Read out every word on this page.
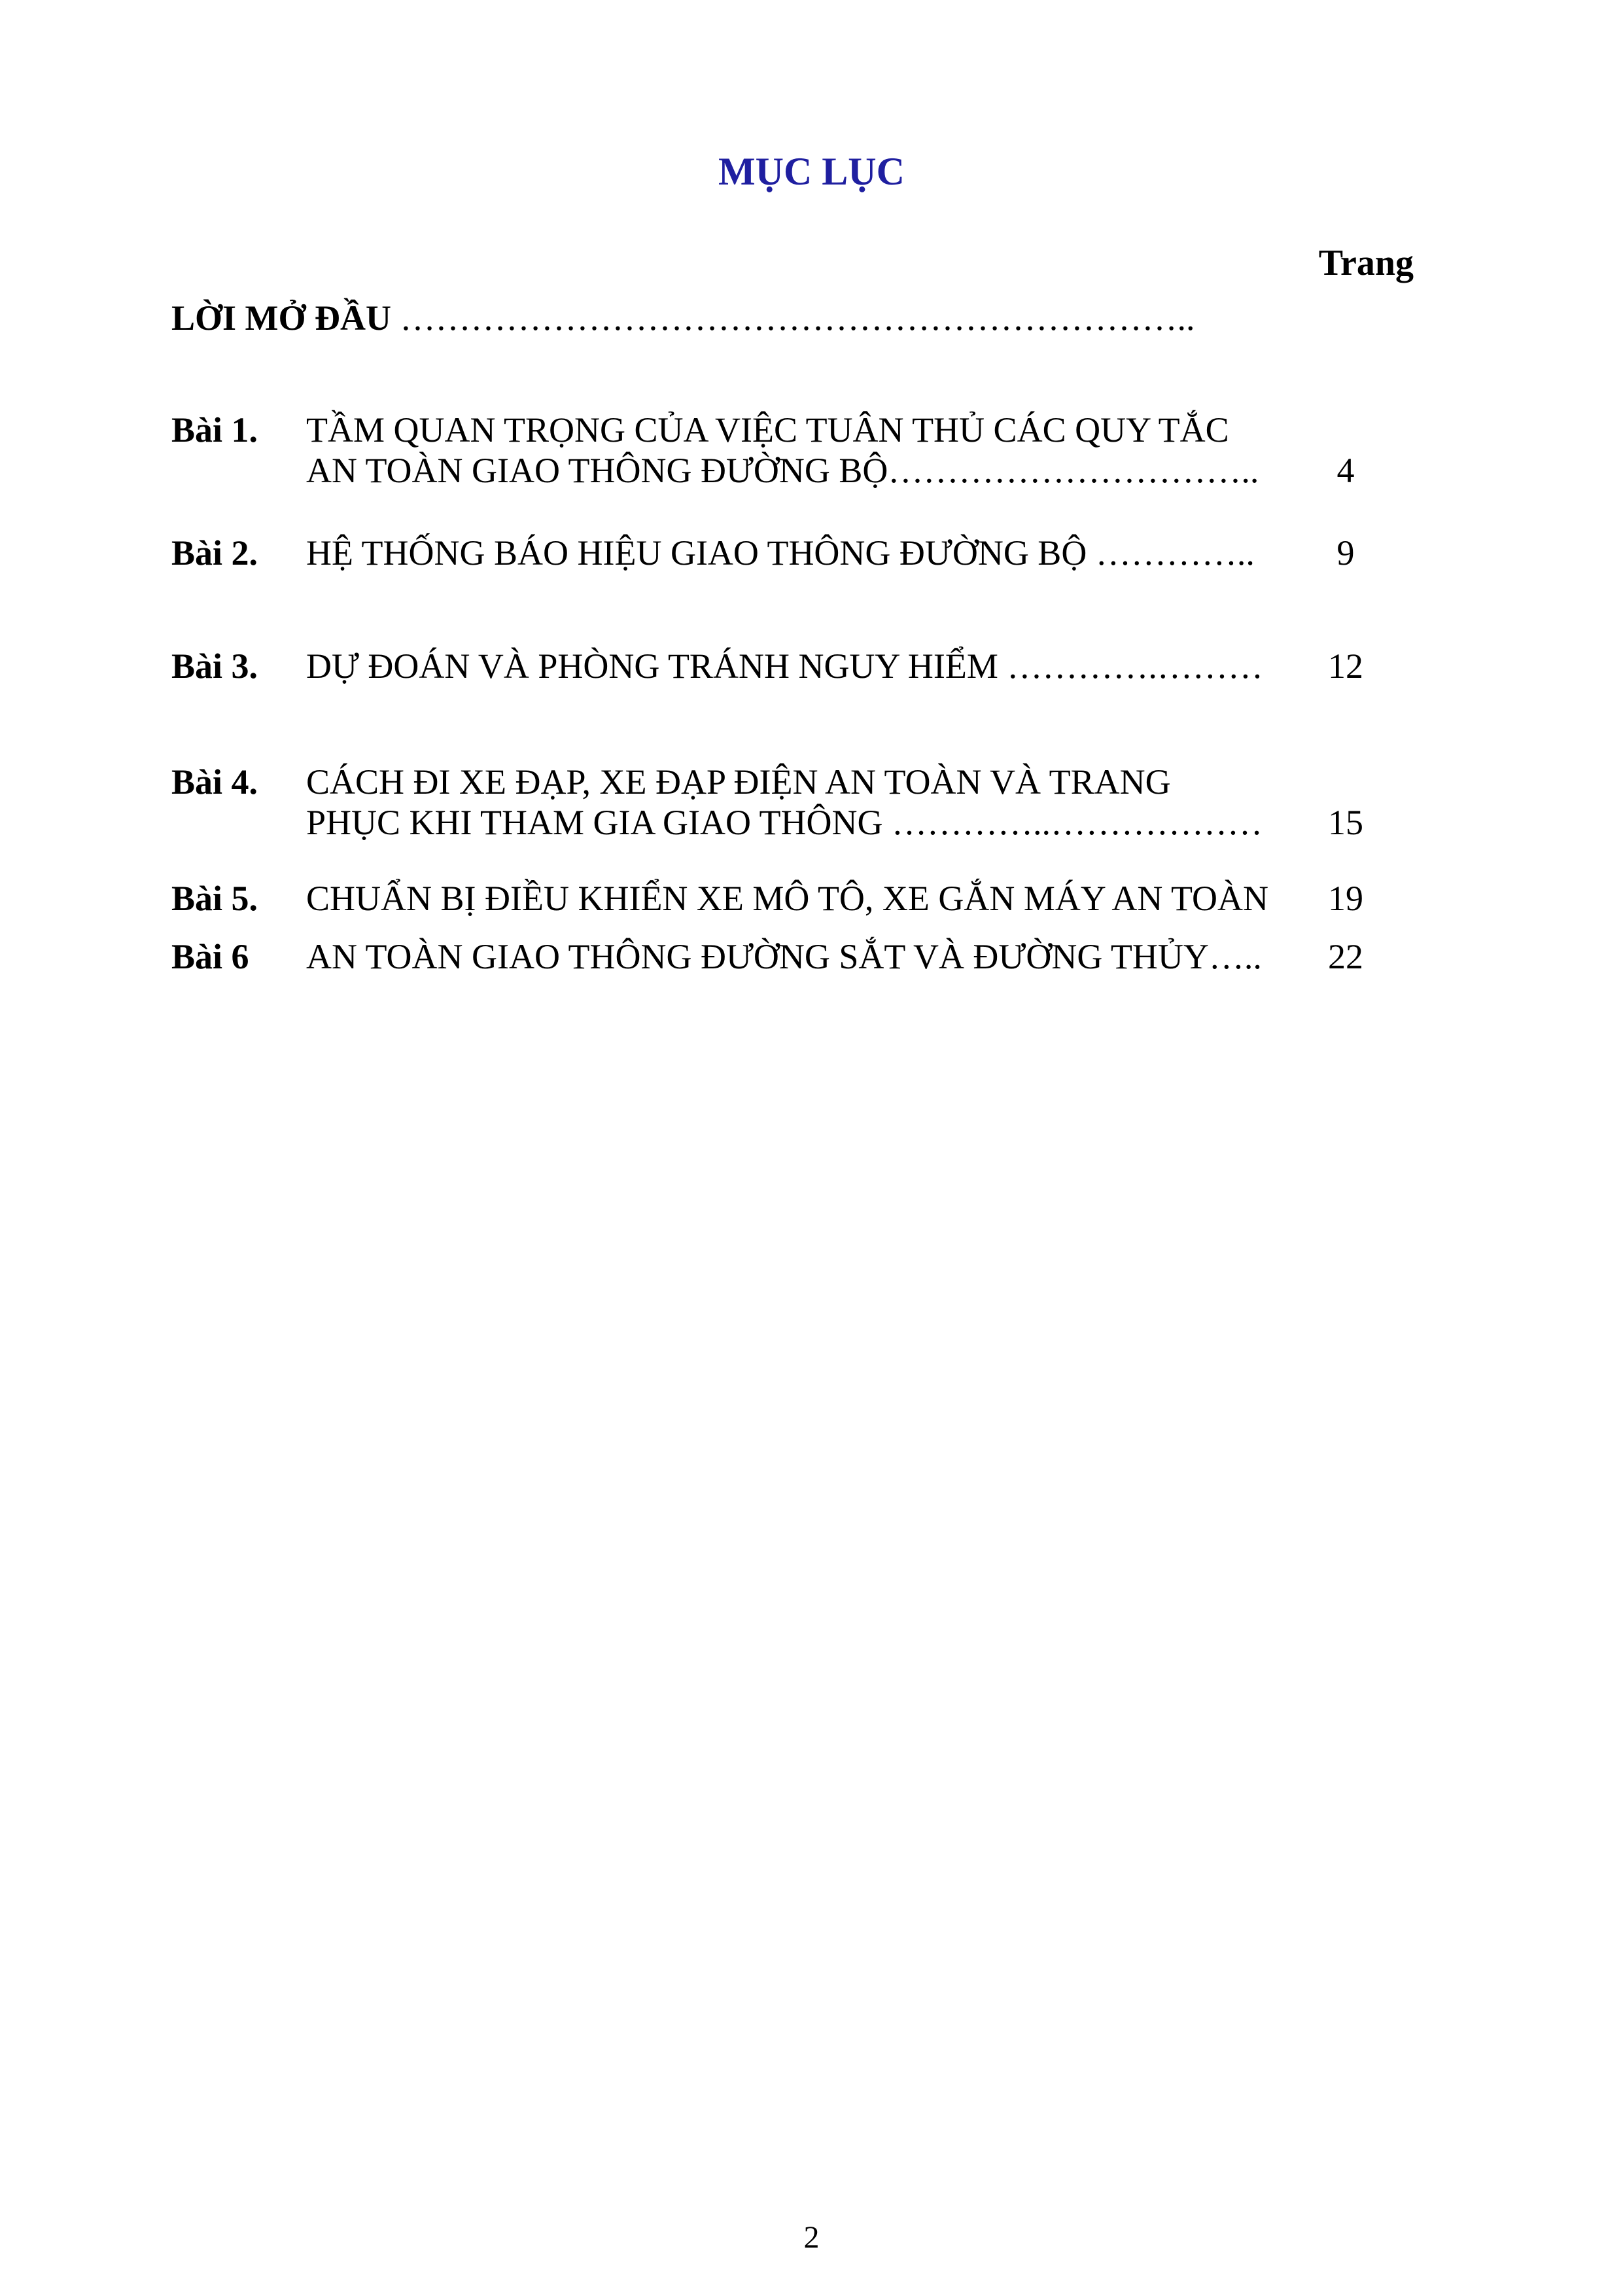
MỤC LỤC
Trang
LỜI MỞ ĐẦU …………………………………………………………..
Bài 1. TẦM QUAN TRỌNG CỦA VIỆC TUÂN THỦ CÁC QUY TẮC
AN TOÀN GIAO THÔNG ĐƯỜNG BỘ…………………………..	4
Bài 2. HỆ THỐNG BÁO HIỆU GIAO THÔNG ĐƯỜNG BỘ …………..	9
Bài 3. DỰ ĐOÁN VÀ PHÒNG TRÁNH NGUY HIỂM ………….………	12
Bài 4. CÁCH ĐI XE ĐẠP, XE ĐẠP ĐIỆN AN TOÀN VÀ TRANG
PHỤC KHI THAM GIA GIAO THÔNG …………..………………	15
Bài 5. CHUẨN BỊ ĐIỀU KHIỂN XE MÔ TÔ, XE GẮN MÁY AN TOÀN	19
Bài 6 AN TOÀN GIAO THÔNG ĐƯỜNG SẮT VÀ ĐƯỜNG THỦY…..	22
2
